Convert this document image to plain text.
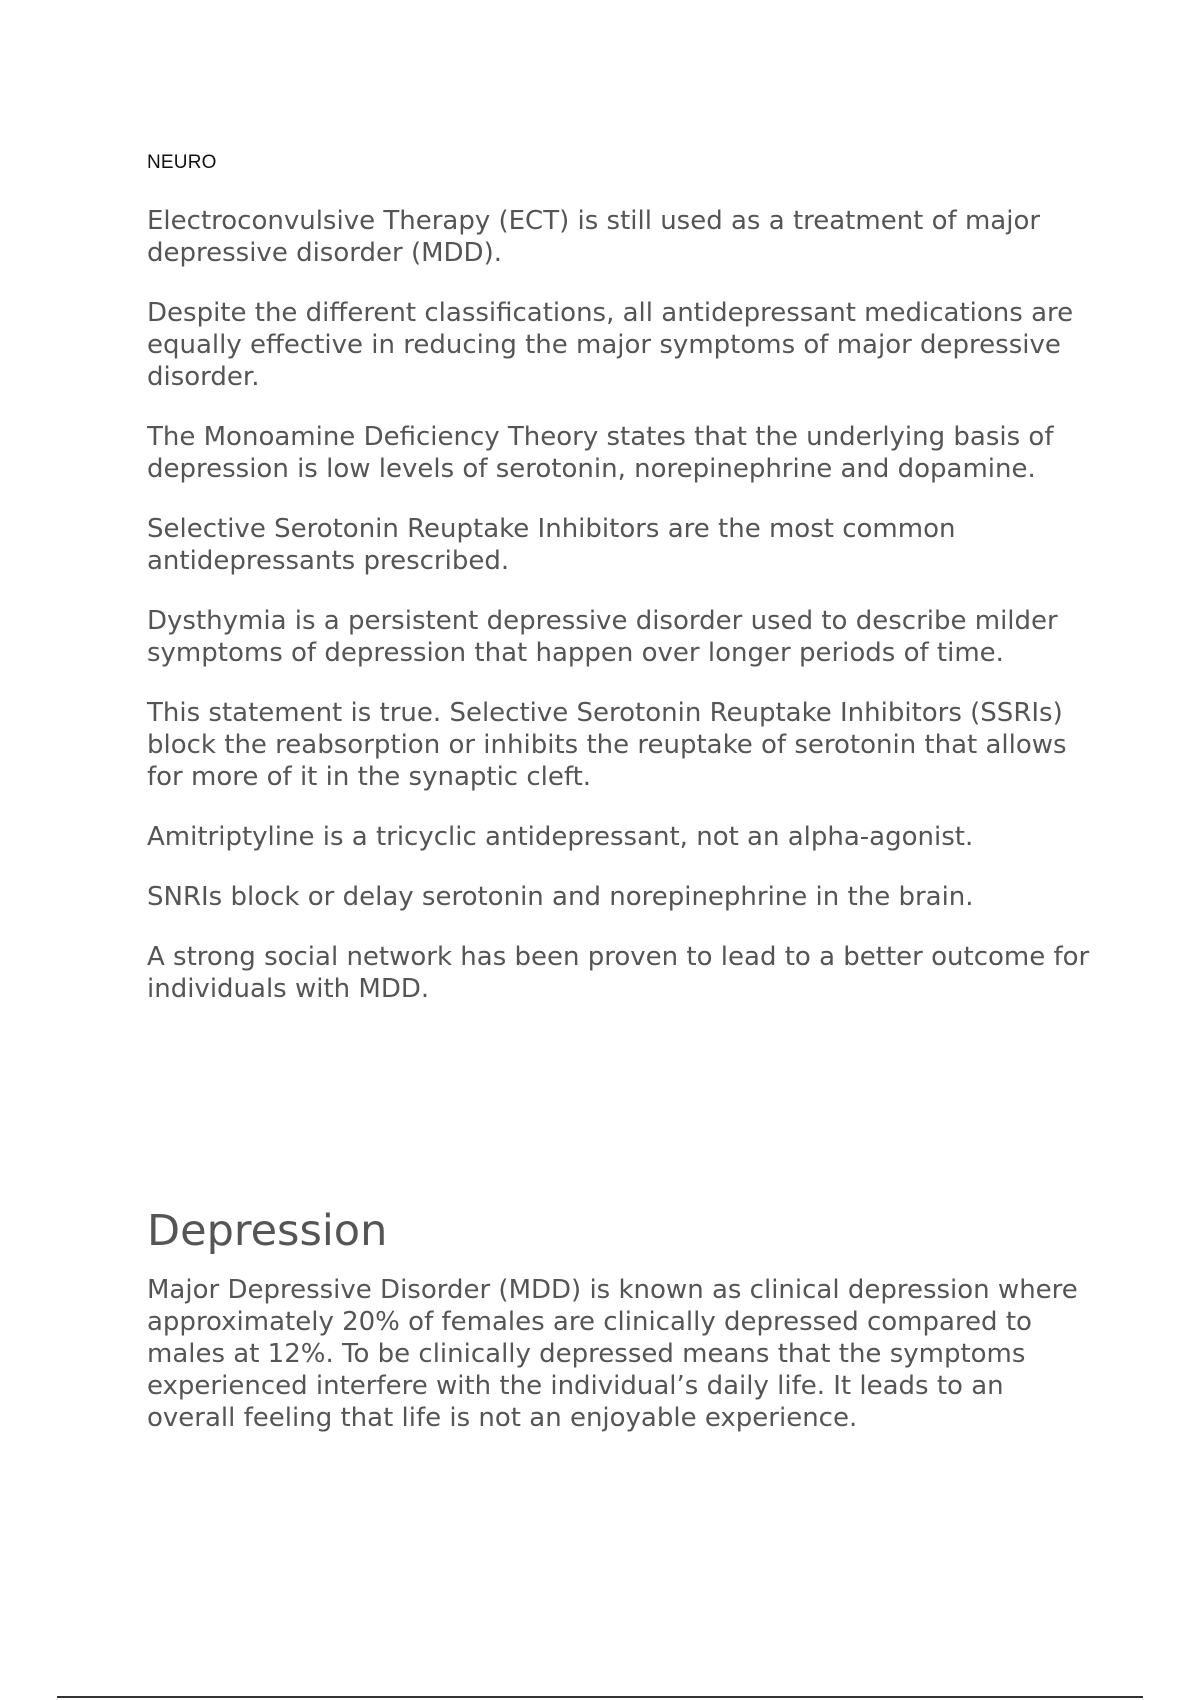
NEURO

Electroconvulsive Therapy (ECT) is still used as a treatment of major depressive disorder (MDD).

Despite the different classifications, all antidepressant medications are equally effective in reducing the major symptoms of major depressive disorder.

The Monoamine Deficiency Theory states that the underlying basis of depression is low levels of serotonin, norepinephrine and dopamine.

Selective Serotonin Reuptake Inhibitors are the most common antidepressants prescribed.

Dysthymia is a persistent depressive disorder used to describe milder symptoms of depression that happen over longer periods of time.

This statement is true. Selective Serotonin Reuptake Inhibitors (SSRIs) block the reabsorption or inhibits the reuptake of serotonin that allows for more of it in the synaptic cleft.

Amitriptyline is a tricyclic antidepressant, not an alpha-agonist.

SNRIs block or delay serotonin and norepinephrine in the brain.

A strong social network has been proven to lead to a better outcome for individuals with MDD.

Depression

Major Depressive Disorder (MDD) is known as clinical depression where approximately 20% of females are clinically depressed compared to males at 12%. To be clinically depressed means that the symptoms experienced interfere with the individual’s daily life. It leads to an overall feeling that life is not an enjoyable experience.
